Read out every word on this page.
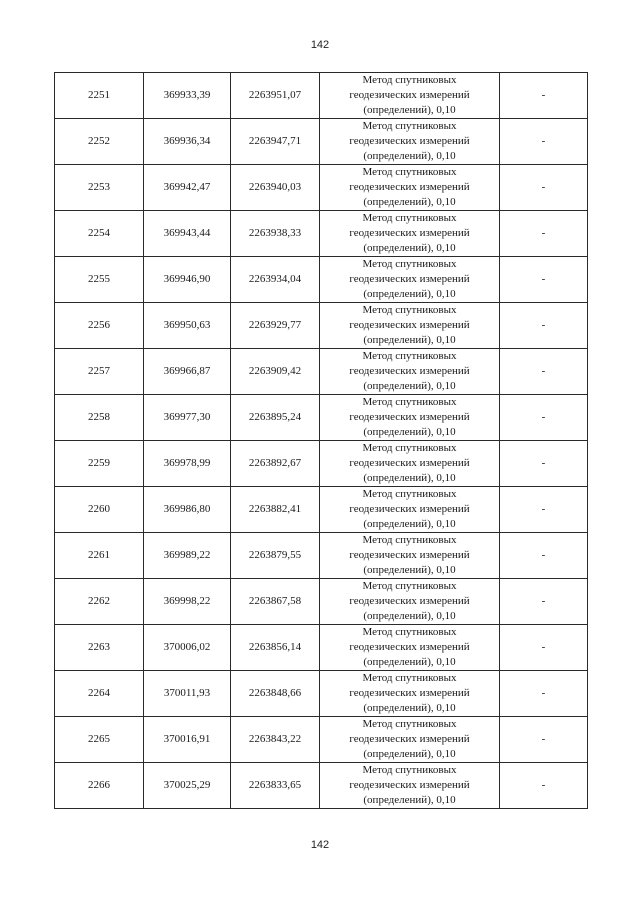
142
2251	369933,39	2263951,07	Метод спутниковых
геодезических измерений
(определений), 0,10	-
2252	369936,34	2263947,71	Метод спутниковых
геодезических измерений
(определений), 0,10	-
2253	369942,47	2263940,03	Метод спутниковых
геодезических измерений
(определений), 0,10	-
2254	369943,44	2263938,33	Метод спутниковых
геодезических измерений
(определений), 0,10	-
2255	369946,90	2263934,04	Метод спутниковых
геодезических измерений
(определений), 0,10	-
2256	369950,63	2263929,77	Метод спутниковых
геодезических измерений
(определений), 0,10	-
2257	369966,87	2263909,42	Метод спутниковых
геодезических измерений
(определений), 0,10	-
2258	369977,30	2263895,24	Метод спутниковых
геодезических измерений
(определений), 0,10	-
2259	369978,99	2263892,67	Метод спутниковых
геодезических измерений
(определений), 0,10	-
2260	369986,80	2263882,41	Метод спутниковых
геодезических измерений
(определений), 0,10	-
2261	369989,22	2263879,55	Метод спутниковых
геодезических измерений
(определений), 0,10	-
2262	369998,22	2263867,58	Метод спутниковых
геодезических измерений
(определений), 0,10	-
2263	370006,02	2263856,14	Метод спутниковых
геодезических измерений
(определений), 0,10	-
2264	370011,93	2263848,66	Метод спутниковых
геодезических измерений
(определений), 0,10	-
2265	370016,91	2263843,22	Метод спутниковых
геодезических измерений
(определений), 0,10	-
2266	370025,29	2263833,65	Метод спутниковых
геодезических измерений
(определений), 0,10	-
142
